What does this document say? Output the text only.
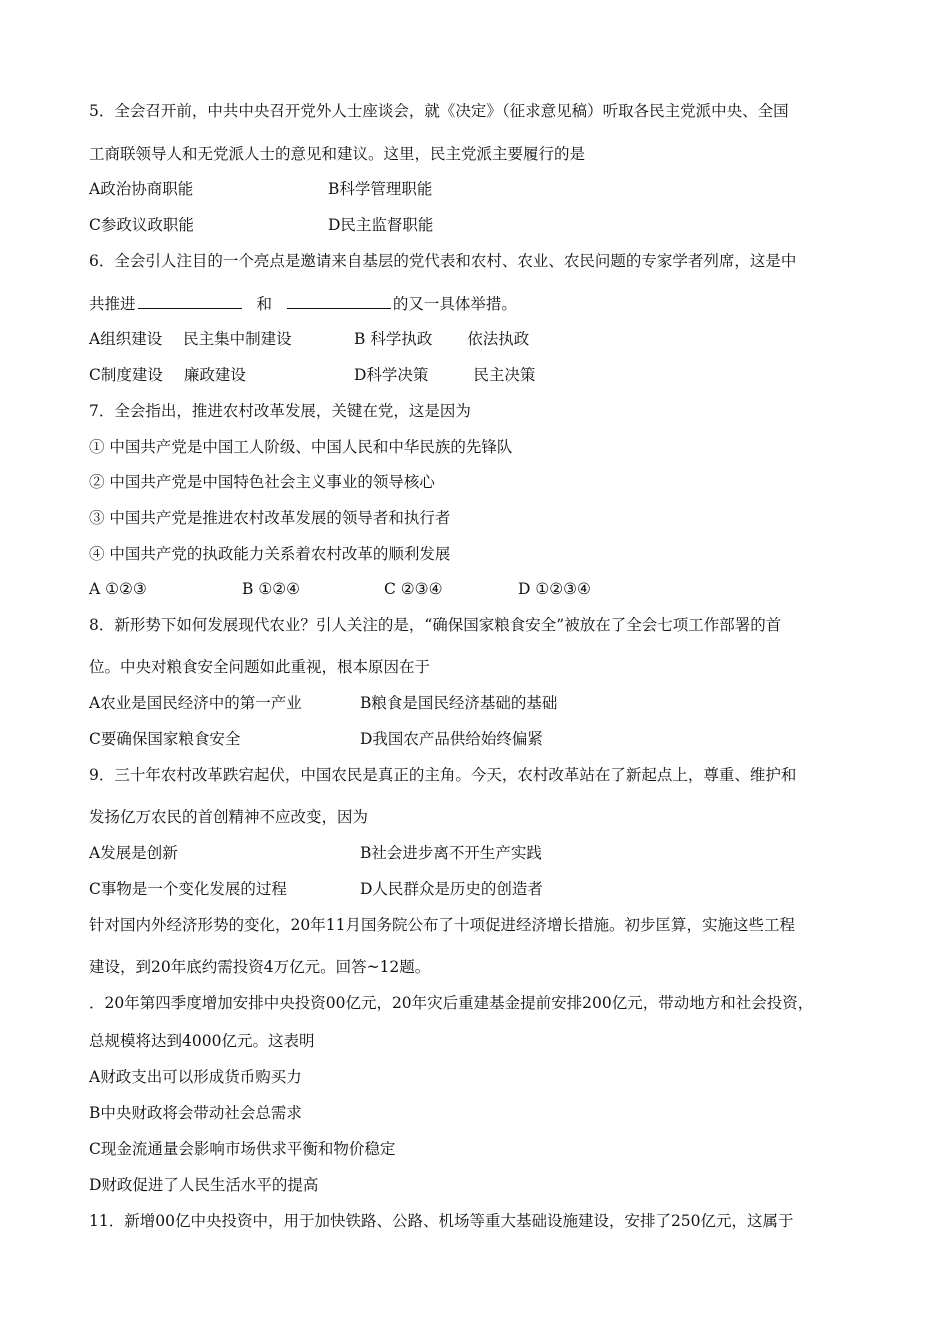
5．全会召开前，中共中央召开党外人士座谈会，就《决定》（征求意见稿）听取各民主党派中央、全国
工商联领导人和无党派人士的意见和建议。这里，民主党派主要履行的是
A政治协商职能	B科学管理职能
C参政议政职能	D民主监督职能
6．全会引人注目的一个亮点是邀请来自基层的党代表和农村、农业、农民问题的专家学者列席，这是中
共推进	和	的又一具体举措。
A组织建设 民主集中制建设	B 科学执政 依法执政
C制度建设 廉政建设	D科学决策	民主决策
7．全会指出，推进农村改革发展，关键在党，这是因为
① 中国共产党是中国工人阶级、中国人民和中华民族的先锋队
② 中国共产党是中国特色社会主义事业的领导核心
③ 中国共产党是推进农村改革发展的领导者和执行者
④ 中国共产党的执政能力关系着农村改革的顺利发展
A ①②③	B ①②④	C ②③④	D ①②③④
8．新形势下如何发展现代农业？引人关注的是，“确保国家粮食安全”被放在了全会七项工作部署的首
位。中央对粮食安全问题如此重视，根本原因在于
A农业是国民经济中的第一产业	B粮食是国民经济基础的基础
C要确保国家粮食安全	D我国农产品供给始终偏紧
9．三十年农村改革跌宕起伏，中国农民是真正的主角。今天，农村改革站在了新起点上，尊重、维护和
发扬亿万农民的首创精神不应改变，因为
A发展是创新	B社会进步离不开生产实践
C事物是一个变化发展的过程	D人民群众是历史的创造者
针对国内外经济形势的变化，20年11月国务院公布了十项促进经济增长措施。初步匡算，实施这些工程
建设，到20年底约需投资4万亿元。回答~12题。
．20年第四季度增加安排中央投资00亿元，20年灾后重建基金提前安排200亿元，带动地方和社会投资，
总规模将达到4000亿元。这表明
A财政支出可以形成货币购买力
B中央财政将会带动社会总需求
C现金流通量会影响市场供求平衡和物价稳定
D财政促进了人民生活水平的提高
11．新增00亿中央投资中，用于加快铁路、公路、机场等重大基础设施建设，安排了250亿元，这属于
